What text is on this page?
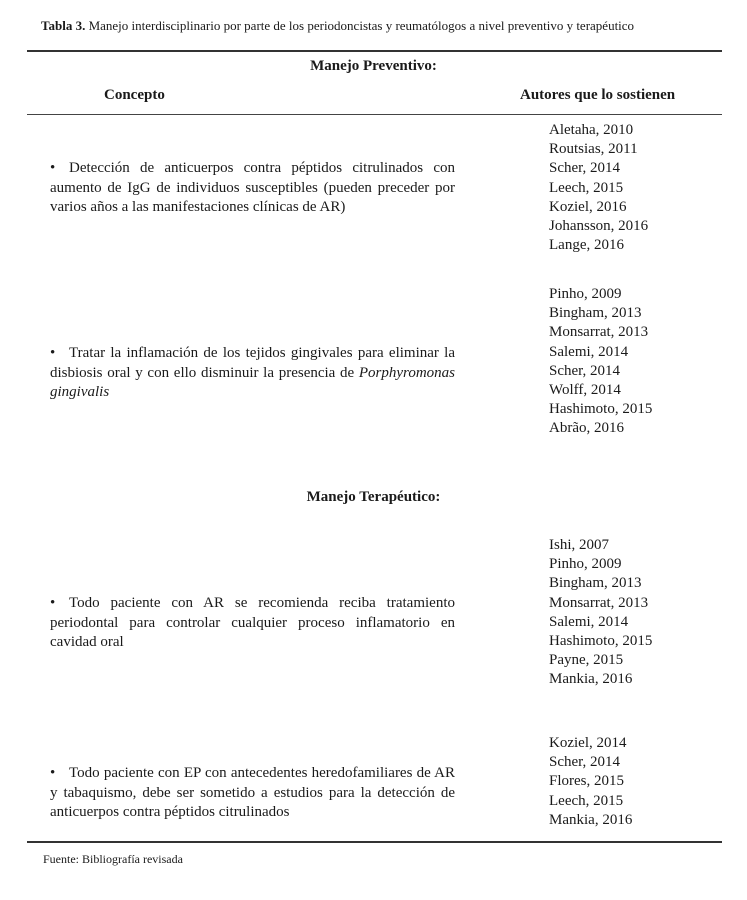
Tabla 3. Manejo interdisciplinario por parte de los periodoncistas y reumatólogos a nivel preventivo y terapéutico
Manejo Preventivo:
Concepto	Autores que lo sostienen
• Detección de anticuerpos contra péptidos citrulinados con aumento de IgG de individuos susceptibles (pueden preceder por varios años a las manifestaciones clínicas de AR)
Aletaha, 2010
Routsias, 2011
Scher, 2014
Leech, 2015
Koziel, 2016
Johansson, 2016
Lange, 2016
• Tratar la inflamación de los tejidos gingivales para eliminar la disbiosis oral y con ello disminuir la presencia de Porphyromonas gingivalis
Pinho, 2009
Bingham, 2013
Monsarrat, 2013
Salemi, 2014
Scher, 2014
Wolff, 2014
Hashimoto, 2015
Abrão, 2016
Manejo Terapéutico:
• Todo paciente con AR se recomienda reciba tratamiento periodontal para controlar cualquier proceso inflamatorio en cavidad oral
Ishi, 2007
Pinho, 2009
Bingham, 2013
Monsarrat, 2013
Salemi, 2014
Hashimoto, 2015
Payne, 2015
Mankia, 2016
• Todo paciente con EP con antecedentes heredofamiliares de AR y tabaquismo, debe ser sometido a estudios para la detección de anticuerpos contra péptidos citrulinados
Koziel, 2014
Scher, 2014
Flores, 2015
Leech, 2015
Mankia, 2016
Fuente: Bibliografía revisada
